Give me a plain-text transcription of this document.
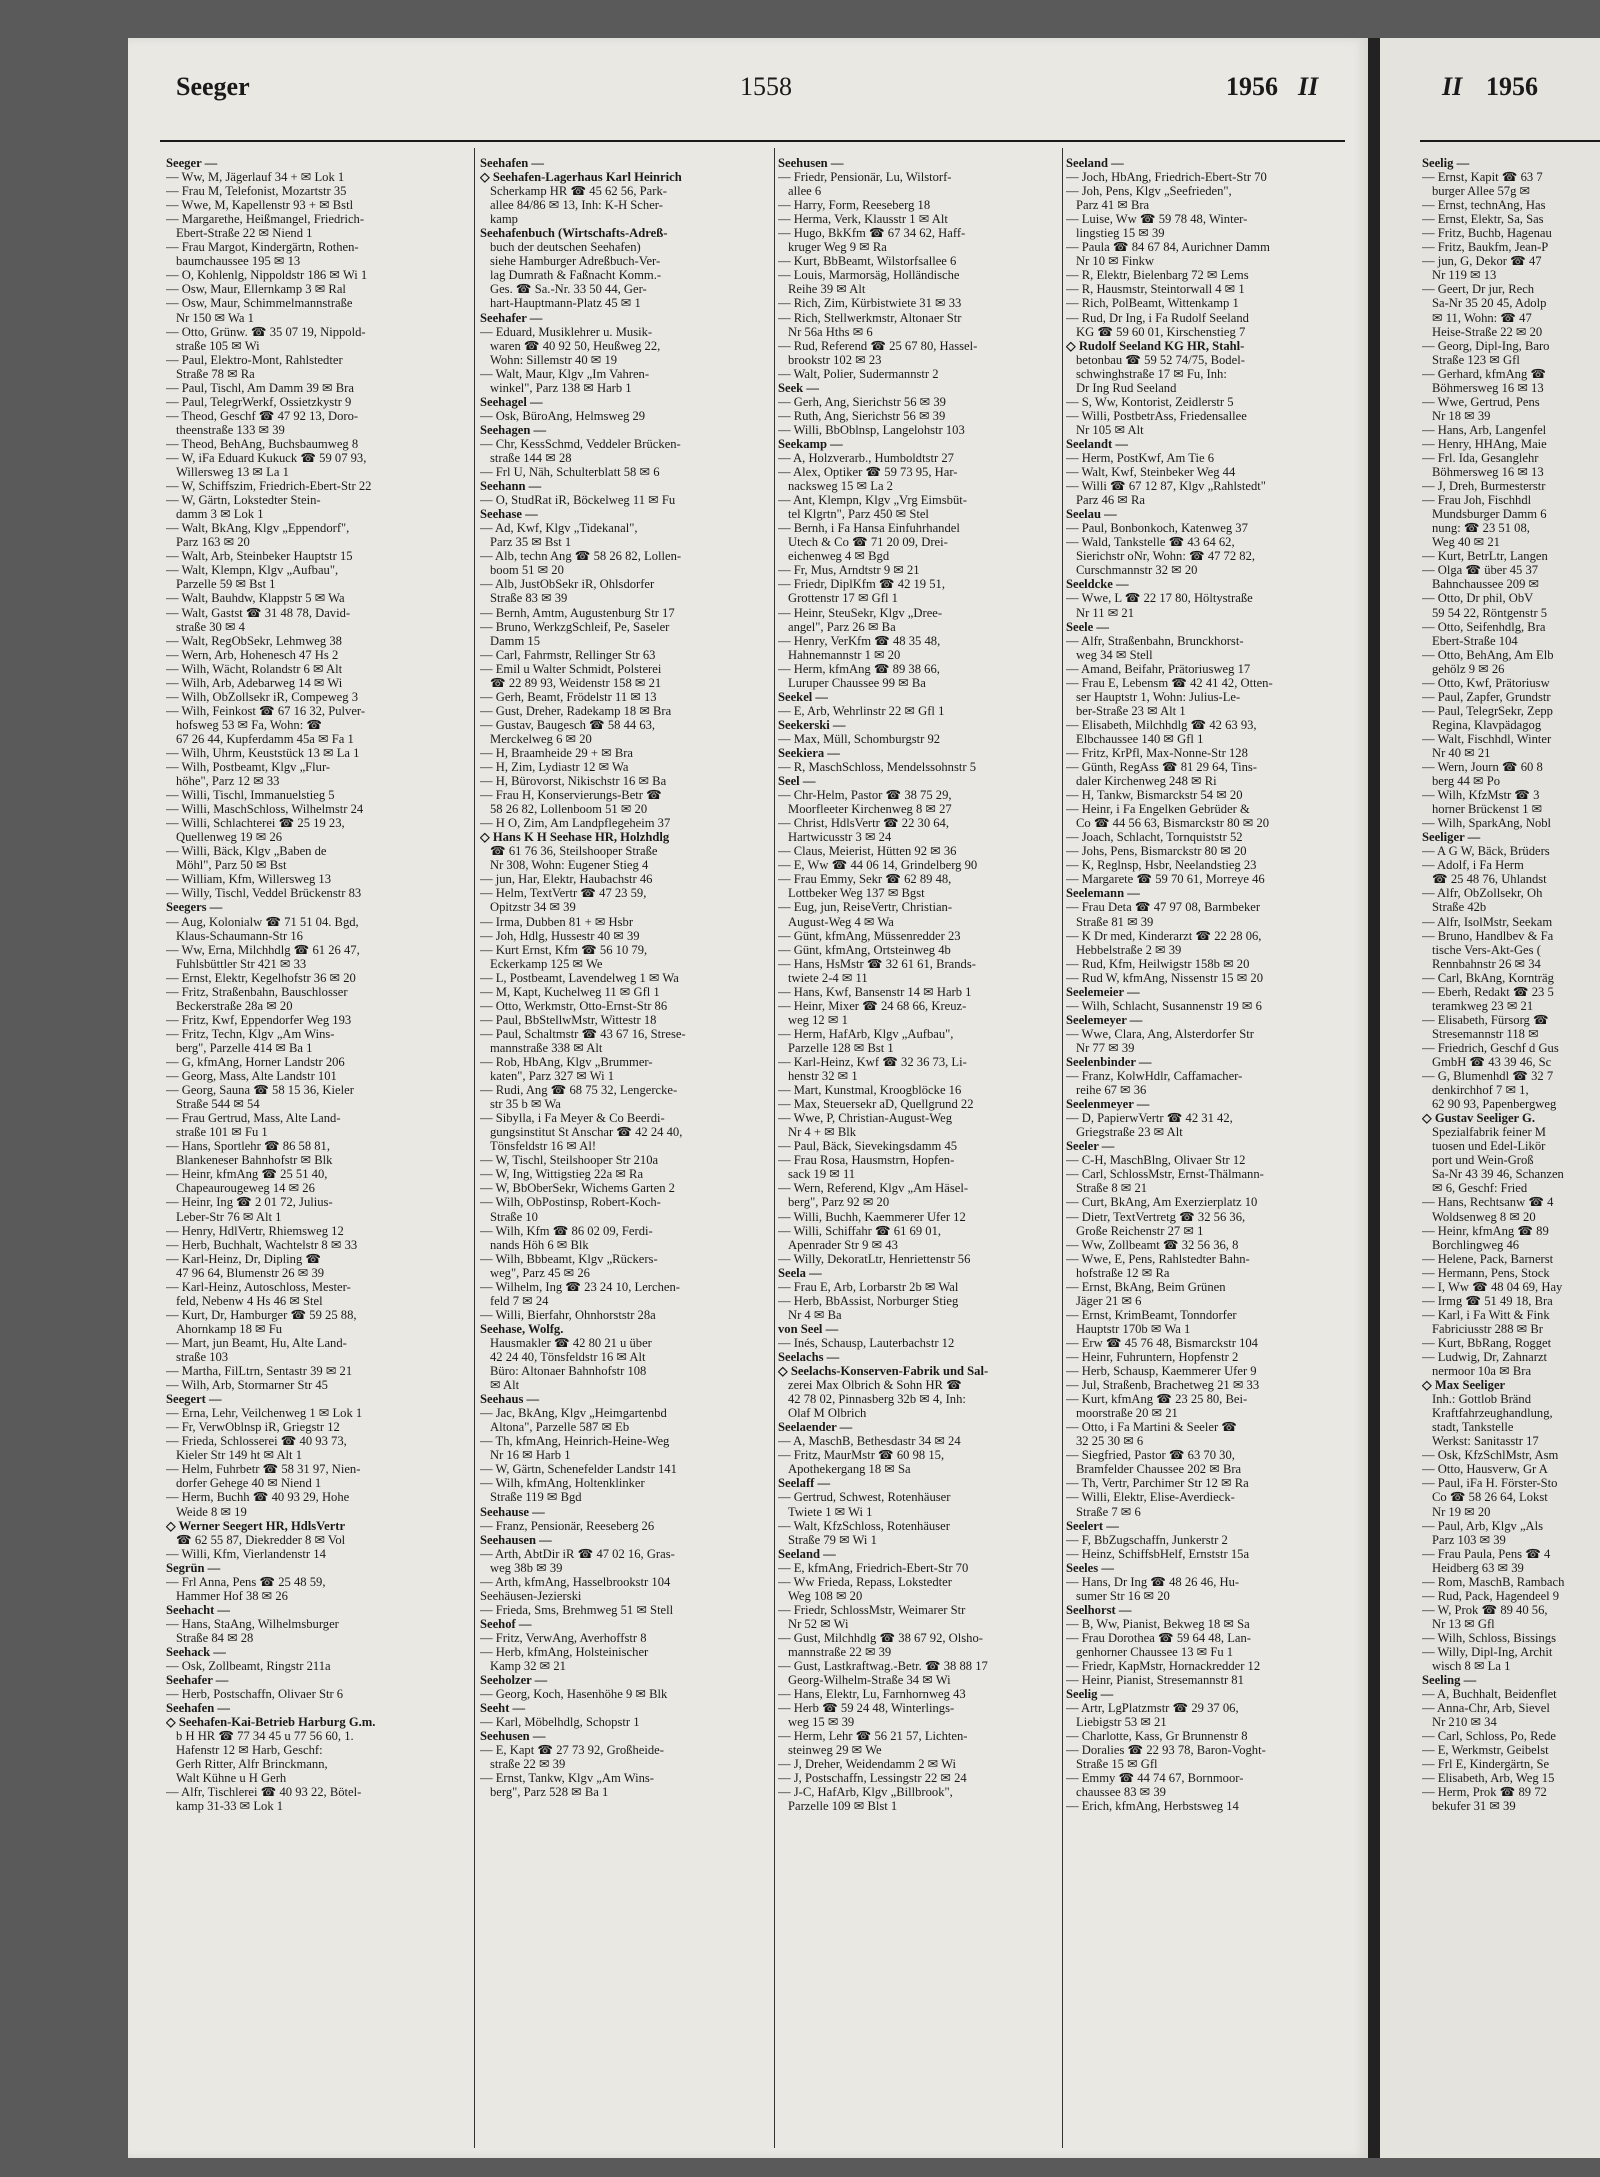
Seeger	1558	1956 II	II 1956
Seeger —
— Ww, M, Jägerlauf 34 + ✉ Lok 1
— Frau M, Telefonist, Mozartstr 35
— Wwe, M, Kapellenstr 93 + ✉ Bstl
— Margarethe, Heißmangel, Friedrich-
Ebert-Straße 22 ✉ Niend 1
— Frau Margot, Kindergärtn, Rothen-
baumchaussee 195 ✉ 13
— O, Kohlenlg, Nippoldstr 186 ✉ Wi 1
— Osw, Maur, Ellernkamp 3 ✉ Ral
— Osw, Maur, Schimmelmannstraße
Nr 150 ✉ Wa 1
— Otto, Grünw. ☎ 35 07 19, Nippold-
straße 105 ✉ Wi
— Paul, Elektro-Mont, Rahlstedter
Straße 78 ✉ Ra
— Paul, Tischl, Am Damm 39 ✉ Bra
— Paul, TelegrWerkf, Ossietzkystr 9
— Theod, Geschf ☎ 47 92 13, Doro-
theenstraße 133 ✉ 39
— Theod, BehAng, Buchsbaumweg 8
— W, iFa Eduard Kukuck ☎ 59 07 93,
Willersweg 13 ✉ La 1
— W, Schiffszim, Friedrich-Ebert-Str 22
— W, Gärtn, Lokstedter Stein-
damm 3 ✉ Lok 1
— Walt, BkAng, Klgv „Eppendorf",
Parz 163 ✉ 20
— Walt, Arb, Steinbeker Hauptstr 15
— Walt, Klempn, Klgv „Aufbau",
Parzelle 59 ✉ Bst 1
— Walt, Bauhdw, Klappstr 5 ✉ Wa
— Walt, Gastst ☎ 31 48 78, David-
straße 30 ✉ 4
— Walt, RegObSekr, Lehmweg 38
— Wern, Arb, Hohenesch 47 Hs 2
— Wilh, Wächt, Rolandstr 6 ✉ Alt
— Wilh, Arb, Adebarweg 14 ✉ Wi
— Wilh, ObZollsekr iR, Compeweg 3
— Wilh, Feinkost ☎ 67 16 32, Pulver-
hofsweg 53 ✉ Fa, Wohn: ☎
67 26 44, Kupferdamm 45a ✉ Fa 1
— Wilh, Uhrm, Keuststück 13 ✉ La 1
— Wilh, Postbeamt, Klgv „Flur-
höhe", Parz 12 ✉ 33
— Willi, Tischl, Immanuelstieg 5
— Willi, MaschSchloss, Wilhelmstr 24
— Willi, Schlachterei ☎ 25 19 23,
Quellenweg 19 ✉ 26
— Willi, Bäck, Klgv „Baben de
Möhl", Parz 50 ✉ Bst
— William, Kfm, Willersweg 13
— Willy, Tischl, Veddel Brückenstr 83
Seegers —
— Aug, Kolonialw ☎ 71 51 04. Bgd,
Klaus-Schaumann-Str 16
— Ww, Erna, Milchhdlg ☎ 61 26 47,
Fuhlsbüttler Str 421 ✉ 33
— Ernst, Elektr, Kegelhofstr 36 ✉ 20
— Fritz, Straßenbahn, Bauschlosser
Beckerstraße 28a ✉ 20
— Fritz, Kwf, Eppendorfer Weg 193
— Fritz, Techn, Klgv „Am Wins-
berg", Parzelle 414 ✉ Ba 1
— G, kfmAng, Horner Landstr 206
— Georg, Mass, Alte Landstr 101
— Georg, Sauna ☎ 58 15 36, Kieler
Straße 544 ✉ 54
— Frau Gertrud, Mass, Alte Land-
straße 101 ✉ Fu 1
— Hans, Sportlehr ☎ 86 58 81,
Blankeneser Bahnhofstr ✉ Blk
— Heinr, kfmAng ☎ 25 51 40,
Chapeaurougeweg 14 ✉ 26
— Heinr, Ing ☎ 2 01 72, Julius-
Leber-Str 76 ✉ Alt 1
— Henry, HdlVertr, Rhiemsweg 12
— Herb, Buchhalt, Wachtelstr 8 ✉ 33
— Karl-Heinz, Dr, Dipling ☎
47 96 64, Blumenstr 26 ✉ 39
— Karl-Heinz, Autoschloss, Mester-
feld, Nebenw 4 Hs 46 ✉ Stel
— Kurt, Dr, Hamburger ☎ 59 25 88,
Ahornkamp 18 ✉ Fu
— Mart, jun Beamt, Hu, Alte Land-
straße 103
— Martha, FilLtrn, Sentastr 39 ✉ 21
— Wilh, Arb, Stormarner Str 45
Seegert —
— Erna, Lehr, Veilchenweg 1 ✉ Lok 1
— Fr, VerwOblnsp iR, Griegstr 12
— Frieda, Schlosserei ☎ 40 93 73,
Kieler Str 149 ht ✉ Alt 1
— Helm, Fuhrbetr ☎ 58 31 97, Nien-
dorfer Gehege 40 ✉ Niend 1
— Herm, Buchh ☎ 40 93 29, Hohe
Weide 8 ✉ 19
◇ Werner Seegert HR, HdlsVertr
☎ 62 55 87, Diekredder 8 ✉ Vol
— Willi, Kfm, Vierlandenstr 14
Segrün —
— Frl Anna, Pens ☎ 25 48 59,
Hammer Hof 38 ✉ 26
Seehacht —
— Hans, StaAng, Wilhelmsburger
Straße 84 ✉ 28
Seehack —
— Osk, Zollbeamt, Ringstr 211a
Seehafer —
— Herb, Postschaffn, Olivaer Str 6
Seehafen —
◇ Seehafen-Kai-Betrieb Harburg G.m.
b H HR ☎ 77 34 45 u 77 56 60, 1.
Hafenstr 12 ✉ Harb, Geschf:
Gerh Ritter, Alfr Brinckmann,
Walt Kühne u H Gerh
— Alfr, Tischlerei ☎ 40 93 22, Bötel-
kamp 31-33 ✉ Lok 1
Seehafen —
◇ Seehafen-Lagerhaus Karl Heinrich
Scherkamp HR ☎ 45 62 56, Park-
allee 84/86 ✉ 13, Inh: K-H Scher-
kamp
Seehafenbuch (Wirtschafts-Adreß-
buch der deutschen Seehafen)
siehe Hamburger Adreßbuch-Ver-
lag Dumrath & Faßnacht Komm.-
Ges. ☎ Sa.-Nr. 33 50 44, Ger-
hart-Hauptmann-Platz 45 ✉ 1
Seehafer —
— Eduard, Musiklehrer u. Musik-
waren ☎ 40 92 50, Heußweg 22,
Wohn: Sillemstr 40 ✉ 19
— Walt, Maur, Klgv „Im Vahren-
winkel", Parz 138 ✉ Harb 1
Seehagel —
— Osk, BüroAng, Helmsweg 29
Seehagen —
— Chr, KessSchmd, Veddeler Brücken-
straße 144 ✉ 28
— Frl U, Näh, Schulterblatt 58 ✉ 6
Seehann —
— O, StudRat iR, Böckelweg 11 ✉ Fu
Seehase —
— Ad, Kwf, Klgv „Tidekanal",
Parz 35 ✉ Bst 1
— Alb, techn Ang ☎ 58 26 82, Lollen-
boom 51 ✉ 20
— Alb, JustObSekr iR, Ohlsdorfer
Straße 83 ✉ 39
— Bernh, Amtm, Augustenburg Str 17
— Bruno, WerkzgSchleif, Pe, Saseler
Damm 15
— Carl, Fahrmstr, Rellinger Str 63
— Emil u Walter Schmidt, Polsterei
☎ 22 89 93, Weidenstr 158 ✉ 21
— Gerh, Beamt, Frödelstr 11 ✉ 13
— Gust, Dreher, Radekamp 18 ✉ Bra
— Gustav, Baugesch ☎ 58 44 63,
Merckelweg 6 ✉ 20
— H, Braamheide 29 + ✉ Bra
— H, Zim, Lydiastr 12 ✉ Wa
— H, Bürovorst, Nikischstr 16 ✉ Ba
— Frau H, Konservierungs-Betr ☎
58 26 82, Lollenboom 51 ✉ 20
— H O, Zim, Am Landpflegeheim 37
◇ Hans K H Seehase HR, Holzhdlg
☎ 61 76 36, Steilshooper Straße
Nr 308, Wohn: Eugener Stieg 4
— jun, Har, Elektr, Haubachstr 46
— Helm, TextVertr ☎ 47 23 59,
Opitzstr 34 ✉ 39
— Irma, Dubben 81 + ✉ Hsbr
— Joh, Hdlg, Hussestr 40 ✉ 39
— Kurt Ernst, Kfm ☎ 56 10 79,
Eckerkamp 125 ✉ We
— L, Postbeamt, Lavendelweg 1 ✉ Wa
— M, Kapt, Kuchelweg 11 ✉ Gfl 1
— Otto, Werkmstr, Otto-Ernst-Str 86
— Paul, BbStellwMstr, Wittestr 18
— Paul, Schaltmstr ☎ 43 67 16, Strese-
mannstraße 338 ✉ Alt
— Rob, HbAng, Klgv „Brummer-
katen", Parz 327 ✉ Wi 1
— Rudi, Ang ☎ 68 75 32, Lengercke-
str 35 b ✉ Wa
— Sibylla, i Fa Meyer & Co Beerdi-
gungsinstitut St Anschar ☎ 42 24 40,
Tönsfeldstr 16 ✉ Al!
— W, Tischl, Steilshooper Str 210a
— W, Ing, Wittigstieg 22a ✉ Ra
— W, BbOberSekr, Wichems Garten 2
— Wilh, ObPostinsp, Robert-Koch-
Straße 10
— Wilh, Kfm ☎ 86 02 09, Ferdi-
nands Höh 6 ✉ Blk
— Wilh, Bbbeamt, Klgv „Rückers-
weg", Parz 45 ✉ 26
— Wilhelm, Ing ☎ 23 24 10, Lerchen-
feld 7 ✉ 24
— Willi, Bierfahr, Ohnhorststr 28a
Seehase, Wolfg.
Hausmakler ☎ 42 80 21 u über
42 24 40, Tönsfeldstr 16 ✉ Alt
Büro: Altonaer Bahnhofstr 108
✉ Alt
Seehaus —
— Jac, BkAng, Klgv „Heimgartenbd
Altona", Parzelle 587 ✉ Eb
— Th, kfmAng, Heinrich-Heine-Weg
Nr 16 ✉ Harb 1
— W, Gärtn, Schenefelder Landstr 141
— Wilh, kfmAng, Holtenklinker
Straße 119 ✉ Bgd
Seehause —
— Franz, Pensionär, Reeseberg 26
Seehausen —
— Arth, AbtDir iR ☎ 47 02 16, Gras-
weg 38b ✉ 39
— Arth, kfmAng, Hasselbrookstr 104
Seehäusen-Jezierski
— Frieda, Sms, Brehmweg 51 ✉ Stell
Seehof —
— Fritz, VerwAng, Averhoffstr 8
— Herb, kfmAng, Holsteinischer
Kamp 32 ✉ 21
Seeholzer —
— Georg, Koch, Hasenhöhe 9 ✉ Blk
Seeht —
— Karl, Möbelhdlg, Schopstr 1
Seehusen —
— E, Kapt ☎ 27 73 92, Großheide-
straße 22 ✉ 39
— Ernst, Tankw, Klgv „Am Wins-
berg", Parz 528 ✉ Ba 1
Seehusen —
— Friedr, Pensionär, Lu, Wilstorf-
allee 6
— Harry, Form, Reeseberg 18
— Herma, Verk, Klausstr 1 ✉ Alt
— Hugo, BkKfm ☎ 67 34 62, Haff-
kruger Weg 9 ✉ Ra
— Kurt, BbBeamt, Wilstorfsallee 6
— Louis, Marmorsäg, Holländische
Reihe 39 ✉ Alt
— Rich, Zim, Kürbistwiete 31 ✉ 33
— Rich, Stellwerkmstr, Altonaer Str
Nr 56a Hths ✉ 6
— Rud, Referend ☎ 25 67 80, Hassel-
brookstr 102 ✉ 23
— Walt, Polier, Sudermannstr 2
Seek —
— Gerh, Ang, Sierichstr 56 ✉ 39
— Ruth, Ang, Sierichstr 56 ✉ 39
— Willi, BbOblnsp, Langelohstr 103
Seekamp —
— A, Holzverarb., Humboldtstr 27
— Alex, Optiker ☎ 59 73 95, Har-
nacksweg 15 ✉ La 2
— Ant, Klempn, Klgv „Vrg Eimsbüt-
tel Klgrtn", Parz 450 ✉ Stel
— Bernh, i Fa Hansa Einfuhrhandel
Utech & Co ☎ 71 20 09, Drei-
eichenweg 4 ✉ Bgd
— Fr, Mus, Arndtstr 9 ✉ 21
— Friedr, DiplKfm ☎ 42 19 51,
Grottenstr 17 ✉ Gfl 1
— Heinr, SteuSekr, Klgv „Dree-
angel", Parz 26 ✉ Ba
— Henry, VerKfm ☎ 48 35 48,
Hahnemannstr 1 ✉ 20
— Herm, kfmAng ☎ 89 38 66,
Luruper Chaussee 99 ✉ Ba
Seekel —
— E, Arb, Wehrlinstr 22 ✉ Gfl 1
Seekerski —
— Max, Müll, Schomburgstr 92
Seekiera —
— R, MaschSchloss, Mendelssohnstr 5
Seel —
— Chr-Helm, Pastor ☎ 38 75 29,
Moorfleeter Kirchenweg 8 ✉ 27
— Christ, HdlsVertr ☎ 22 30 64,
Hartwicusstr 3 ✉ 24
— Claus, Meierist, Hütten 92 ✉ 36
— E, Ww ☎ 44 06 14, Grindelberg 90
— Frau Emmy, Sekr ☎ 62 89 48,
Lottbeker Weg 137 ✉ Bgst
— Eug, jun, ReiseVertr, Christian-
August-Weg 4 ✉ Wa
— Günt, kfmAng, Müssenredder 23
— Günt, kfmAng, Ortsteinweg 4b
— Hans, HsMstr ☎ 32 61 61, Brands-
twiete 2-4 ✉ 11
— Hans, Kwf, Bansenstr 14 ✉ Harb 1
— Heinr, Mixer ☎ 24 68 66, Kreuz-
weg 12 ✉ 1
— Herm, HafArb, Klgv „Aufbau",
Parzelle 128 ✉ Bst 1
— Karl-Heinz, Kwf ☎ 32 36 73, Li-
henstr 32 ✉ 1
— Mart, Kunstmal, Kroogblöcke 16
— Max, Steuersekr aD, Quellgrund 22
— Wwe, P, Christian-August-Weg
Nr 4 + ✉ Blk
— Paul, Bäck, Sievekingsdamm 45
— Frau Rosa, Hausmstrn, Hopfen-
sack 19 ✉ 11
— Wern, Referend, Klgv „Am Häsel-
berg", Parz 92 ✉ 20
— Willi, Buchh, Kaemmerer Ufer 12
— Willi, Schiffahr ☎ 61 69 01,
Apenrader Str 9 ✉ 43
— Willy, DekoratLtr, Henriettenstr 56
Seela —
— Frau E, Arb, Lorbarstr 2b ✉ Wal
— Herb, BbAssist, Norburger Stieg
Nr 4 ✉ Ba
von Seel —
— Inés, Schausp, Lauterbachstr 12
Seelachs —
◇ Seelachs-Konserven-Fabrik und Sal-
zerei Max Olbrich & Sohn HR ☎
42 78 02, Pinnasberg 32b ✉ 4, Inh:
Olaf M Olbrich
Seelaender —
— A, MaschB, Bethesdastr 34 ✉ 24
— Fritz, MaurMstr ☎ 60 98 15,
Apothekergang 18 ✉ Sa
Seelaff —
— Gertrud, Schwest, Rotenhäuser
Twiete 1 ✉ Wi 1
— Walt, KfzSchloss, Rotenhäuser
Straße 79 ✉ Wi 1
Seeland —
— E, kfmAng, Friedrich-Ebert-Str 70
— Ww Frieda, Repass, Lokstedter
Weg 108 ✉ 20
— Friedr, SchlossMstr, Weimarer Str
Nr 52 ✉ Wi
— Gust, Milchhdlg ☎ 38 67 92, Olsho-
mannstraße 22 ✉ 39
— Gust, Lastkraftwag.-Betr. ☎ 38 88 17
Georg-Wilhelm-Straße 34 ✉ Wi
— Hans, Elektr, Lu, Farnhornweg 43
— Herb ☎ 59 24 48, Winterlings-
weg 15 ✉ 39
— Herm, Lehr ☎ 56 21 57, Lichten-
steinweg 29 ✉ We
— J, Dreher, Weidendamm 2 ✉ Wi
— J, Postschaffn, Lessingstr 22 ✉ 24
— J-C, HafArb, Klgv „Billbrook",
Parzelle 109 ✉ Blst 1
Seeland —
— Joch, HbAng, Friedrich-Ebert-Str 70
— Joh, Pens, Klgv „Seefrieden",
Parz 41 ✉ Bra
— Luise, Ww ☎ 59 78 48, Winter-
lingstieg 15 ✉ 39
— Paula ☎ 84 67 84, Aurichner Damm
Nr 10 ✉ Finkw
— R, Elektr, Bielenbarg 72 ✉ Lems
— R, Hausmstr, Steintorwall 4 ✉ 1
— Rich, PolBeamt, Wittenkamp 1
— Rud, Dr Ing, i Fa Rudolf Seeland
KG ☎ 59 60 01, Kirschenstieg 7
◇ Rudolf Seeland KG HR, Stahl-
betonbau ☎ 59 52 74/75, Bodel-
schwinghstraße 17 ✉ Fu, Inh:
Dr Ing Rud Seeland
— S, Ww, Kontorist, Zeidlerstr 5
— Willi, PostbetrAss, Friedensallee
Nr 105 ✉ Alt
Seelandt —
— Herm, PostKwf, Am Tie 6
— Walt, Kwf, Steinbeker Weg 44
— Willi ☎ 67 12 87, Klgv „Rahlstedt"
Parz 46 ✉ Ra
Seelau —
— Paul, Bonbonkoch, Katenweg 37
— Wald, Tankstelle ☎ 43 64 62,
Sierichstr oNr, Wohn: ☎ 47 72 82,
Curschmannstr 32 ✉ 20
Seeldcke —
— Wwe, L ☎ 22 17 80, Höltystraße
Nr 11 ✉ 21
Seele —
— Alfr, Straßenbahn, Brunckhorst-
weg 34 ✉ Stell
— Amand, Beifahr, Prätoriusweg 17
— Frau E, Lebensm ☎ 42 41 42, Otten-
ser Hauptstr 1, Wohn: Julius-Le-
ber-Straße 23 ✉ Alt 1
— Elisabeth, Milchhdlg ☎ 42 63 93,
Elbchaussee 140 ✉ Gfl 1
— Fritz, KrPfl, Max-Nonne-Str 128
— Günth, RegAss ☎ 81 29 64, Tins-
daler Kirchenweg 248 ✉ Ri
— H, Tankw, Bismarckstr 54 ✉ 20
— Heinr, i Fa Engelken Gebrüder &
Co ☎ 44 56 63, Bismarckstr 80 ✉ 20
— Joach, Schlacht, Tornquiststr 52
— Johs, Pens, Bismarckstr 80 ✉ 20
— K, Reglnsp, Hsbr, Neelandstieg 23
— Margarete ☎ 59 70 61, Morreye 46
Seelemann —
— Frau Deta ☎ 47 97 08, Barmbeker
Straße 81 ✉ 39
— K Dr med, Kinderarzt ☎ 22 28 06,
Hebbelstraße 2 ✉ 39
— Rud, Kfm, Heilwigstr 158b ✉ 20
— Rud W, kfmAng, Nissenstr 15 ✉ 20
Seelemeier —
— Wilh, Schlacht, Susannenstr 19 ✉ 6
Seelemeyer —
— Wwe, Clara, Ang, Alsterdorfer Str
Nr 77 ✉ 39
Seelenbinder —
— Franz, KolwHdlr, Caffamacher-
reihe 67 ✉ 36
Seelenmeyer —
— D, PapierwVertr ☎ 42 31 42,
Griegstraße 23 ✉ Alt
Seeler —
— C-H, MaschBlng, Olivaer Str 12
— Carl, SchlossMstr, Ernst-Thälmann-
Straße 8 ✉ 21
— Curt, BkAng, Am Exerzierplatz 10
— Dietr, TextVertretg ☎ 32 56 36,
Große Reichenstr 27 ✉ 1
— Ww, Zollbeamt ☎ 32 56 36, 8
— Wwe, E, Pens, Rahlstedter Bahn-
hofstraße 12 ✉ Ra
— Ernst, BkAng, Beim Grünen
Jäger 21 ✉ 6
— Ernst, KrimBeamt, Tonndorfer
Hauptstr 170b ✉ Wa 1
— Erw ☎ 45 76 48, Bismarckstr 104
— Heinr, Fuhruntern, Hopfenstr 2
— Herb, Schausp, Kaemmerer Ufer 9
— Jul, Straßenb, Brachetweg 21 ✉ 33
— Kurt, kfmAng ☎ 23 25 80, Bei-
moorstraße 20 ✉ 21
— Otto, i Fa Martini & Seeler ☎
32 25 30 ✉ 6
— Siegfried, Pastor ☎ 63 70 30,
Bramfelder Chaussee 202 ✉ Bra
— Th, Vertr, Parchimer Str 12 ✉ Ra
— Willi, Elektr, Elise-Averdieck-
Straße 7 ✉ 6
Seelert —
— F, BbZugschaffn, Junkerstr 2
— Heinz, SchiffsbHelf, Ernststr 15a
Seeles —
— Hans, Dr Ing ☎ 48 26 46, Hu-
sumer Str 16 ✉ 20
Seelhorst —
— B, Ww, Pianist, Bekweg 18 ✉ Sa
— Frau Dorothea ☎ 59 64 48, Lan-
genhorner Chaussee 13 ✉ Fu 1
— Friedr, KapMstr, Hornackredder 12
— Heinr, Pianist, Stresemannstr 81
Seelig —
— Artr, LgPlatzmstr ☎ 29 37 06,
Liebigstr 53 ✉ 21
— Charlotte, Kass, Gr Brunnenstr 8
— Doralies ☎ 22 93 78, Baron-Voght-
Straße 15 ✉ Gfl
— Emmy ☎ 44 74 67, Bornmoor-
chaussee 83 ✉ 39
— Erich, kfmAng, Herbstsweg 14
Seelig —
— Ernst, Kapit ☎ 63 7
burger Allee 57g ✉
— Ernst, technAng, Has
— Ernst, Elektr, Sa, Sas
— Fritz, Buchb, Hagenau
— Fritz, Baukfm, Jean-P
— jun, G, Dekor ☎ 47
Nr 119 ✉ 13
— Geert, Dr jur, Rech
Sa-Nr 35 20 45, Adolp
✉ 11, Wohn: ☎ 47
Heise-Straße 22 ✉ 20
— Georg, Dipl-Ing, Baro
Straße 123 ✉ Gfl
— Gerhard, kfmAng ☎
Böhmersweg 16 ✉ 13
— Wwe, Gertrud, Pens
Nr 18 ✉ 39
— Hans, Arb, Langenfel
— Henry, HHAng, Maie
— Frl. Ida, Gesanglehr
Böhmersweg 16 ✉ 13
— J, Dreh, Burmesterstr
— Frau Joh, Fischhdl
Mundsburger Damm 6
nung: ☎ 23 51 08,
Weg 40 ✉ 21
— Kurt, BetrLtr, Langen
— Olga ☎ über 45 37
Bahnchaussee 209 ✉
— Otto, Dr phil, ObV
59 54 22, Röntgenstr 5
— Otto, Seifenhdlg, Bra
Ebert-Straße 104
— Otto, BehAng, Am Elb
gehölz 9 ✉ 26
— Otto, Kwf, Prätoriusw
— Paul, Zapfer, Grundstr
— Paul, TelegrSekr, Zepp
Regina, Klavpädagog
— Walt, Fischhdl, Winter
Nr 40 ✉ 21
— Wern, Journ ☎ 60 8
berg 44 ✉ Po
— Wilh, KfzMstr ☎ 3
horner Brückenst 1 ✉
— Wilh, SparkAng, Nobl
Seeliger —
— A G W, Bäck, Brüders
— Adolf, i Fa Herm
☎ 25 48 76, Uhlandst
— Alfr, ObZollsekr, Oh
Straße 42b
— Alfr, IsolMstr, Seekam
— Bruno, Handlbev & Fa
tische Vers-Akt-Ges (
Rennbahnstr 26 ✉ 34
— Carl, BkAng, Kornträg
— Eberh, Redakt ☎ 23 5
teramkweg 23 ✉ 21
— Elisabeth, Fürsorg ☎
Stresemannstr 118 ✉
— Friedrich, Geschf d Gus
GmbH ☎ 43 39 46, Sc
— G, Blumenhdl ☎ 32 7
denkirchhof 7 ✉ 1,
62 90 93, Papenbergweg
◇ Gustav Seeliger G.
Spezialfabrik feiner M
tuosen und Edel-Likör
port und Wein-Groß
Sa-Nr 43 39 46, Schanzen
✉ 6, Geschf: Fried
— Hans, Rechtsanw ☎ 4
Woldsenweg 8 ✉ 20
— Heinr, kfmAng ☎ 89
Borchlingweg 46
— Helene, Pack, Barnerst
— Hermann, Pens, Stock
— I, Ww ☎ 48 04 69, Hay
— Irmg ☎ 51 49 18, Bra
— Karl, i Fa Witt & Fink
Fabriciusstr 288 ✉ Br
— Kurt, BbRang, Rogget
— Ludwig, Dr, Zahnarzt
nermoor 10a ✉ Bra
◇ Max Seeliger
Inh.: Gottlob Bränd
Kraftfahrzeughandlung,
stadt, Tankstelle
Werkst: Sanitasstr 17
— Osk, KfzSchlMstr, Asm
— Otto, Hausverw, Gr A
— Paul, iFa H. Förster-Sto
Co ☎ 58 26 64, Lokst
Nr 19 ✉ 20
— Paul, Arb, Klgv „Als
Parz 103 ✉ 39
— Frau Paula, Pens ☎ 4
Heidberg 63 ✉ 39
— Rom, MaschB, Rambach
— Rud, Pack, Hagendeel 9
— W, Prok ☎ 89 40 56,
Nr 13 ✉ Gfl
— Wilh, Schloss, Bissings
— Willy, Dipl-Ing, Archit
wisch 8 ✉ La 1
Seeling —
— A, Buchhalt, Beidenflet
— Anna-Chr, Arb, Sievel
Nr 210 ✉ 34
— Carl, Schloss, Po, Rede
— E, Werkmstr, Geibelst
— Frl E, Kindergärtn, Se
— Elisabeth, Arb, Weg 15
— Herm, Prok ☎ 89 72
bekufer 31 ✉ 39
